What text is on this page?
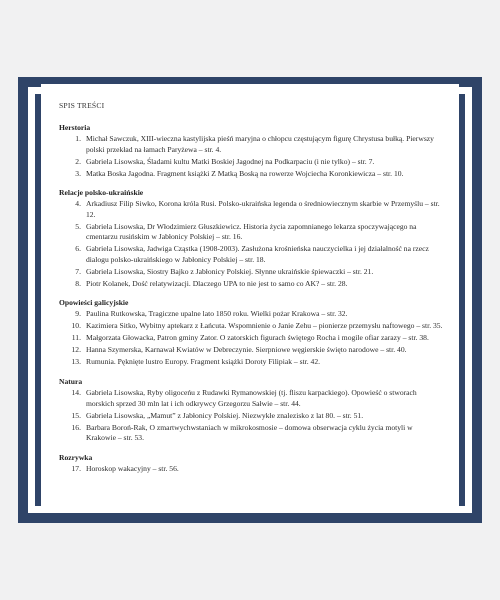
SPIS TREŚCI
Herstoria
1. Michał Sawczuk, XIII-wieczna kastylijska pieśń maryjna o chłopcu częstującym figurę Chrystusa bułką. Pierwszy polski przekład na łamach Paryżewa – str. 4.
2. Gabriela Lisowska, Śladami kultu Matki Boskiej Jagodnej na Podkarpaciu (i nie tylko) – str. 7.
3. Matka Boska Jagodna. Fragment książki Z Matką Boską na rowerze Wojciecha Koronkiewicza – str. 10.
Relacje polsko-ukraińskie
4. Arkadiusz Filip Siwko, Korona króla Rusi. Polsko-ukraińska legenda o średniowiecznym skarbie w Przemyślu – str. 12.
5. Gabriela Lisowska, Dr Włodzimierz Głuszkiewicz. Historia życia zapomnianego lekarza spoczywającego na cmentarzu rusińskim w Jabłonicy Polskiej – str. 16.
6. Gabriela Lisowska, Jadwiga Cząstka (1908-2003). Zasłużona krośnieńska nauczycielka i jej działalność na rzecz dialogu polsko-ukraińskiego w Jabłonicy Polskiej – str. 18.
7. Gabriela Lisowska, Siostry Bajko z Jabłonicy Polskiej. Słynne ukraińskie śpiewaczki – str. 21.
8. Piotr Kolanek, Dość relatywizacji. Dlaczego UPA to nie jest to samo co AK? – str. 28.
Opowieści galicyjskie
9. Paulina Rutkowska, Tragiczne upalne lato 1850 roku. Wielki pożar Krakowa – str. 32.
10. Kazimiera Sitko, Wybitny aptekarz z Łańcuta. Wspomnienie o Janie Zehu – pionierze przemysłu naftowego – str. 35.
11. Małgorzata Głowacka, Patron gminy Zator. O zatorskich figurach świętego Rocha i mogile ofiar zarazy – str. 38.
12. Hanna Szymerska, Karnawał Kwiatów w Debreczynie. Sierpniowe węgierskie święto narodowe – str. 40.
13. Rumunia. Pęknięte lustro Europy. Fragment książki Doroty Filipiak – str. 42.
Natura
14. Gabriela Lisowska, Ryby oligoceńu z Rudawki Rymanowskiej (tj. fliszu karpackiego). Opowieść o stworach morskich sprzed 30 mln lat i ich odkrywcy Grzegorzu Sałwie – str. 44.
15. Gabriela Lisowska, „Mamut” z Jabłonicy Polskiej. Niezwykłe znalezisko z lat 80. – str. 51.
16. Barbara Boroń-Rak, O zmartwychwstaniach w mikrokosmosie – domowa obserwacja cyklu życia motyli w Krakowie – str. 53.
Rozrywka
17. Horoskop wakacyjny – str. 56.
